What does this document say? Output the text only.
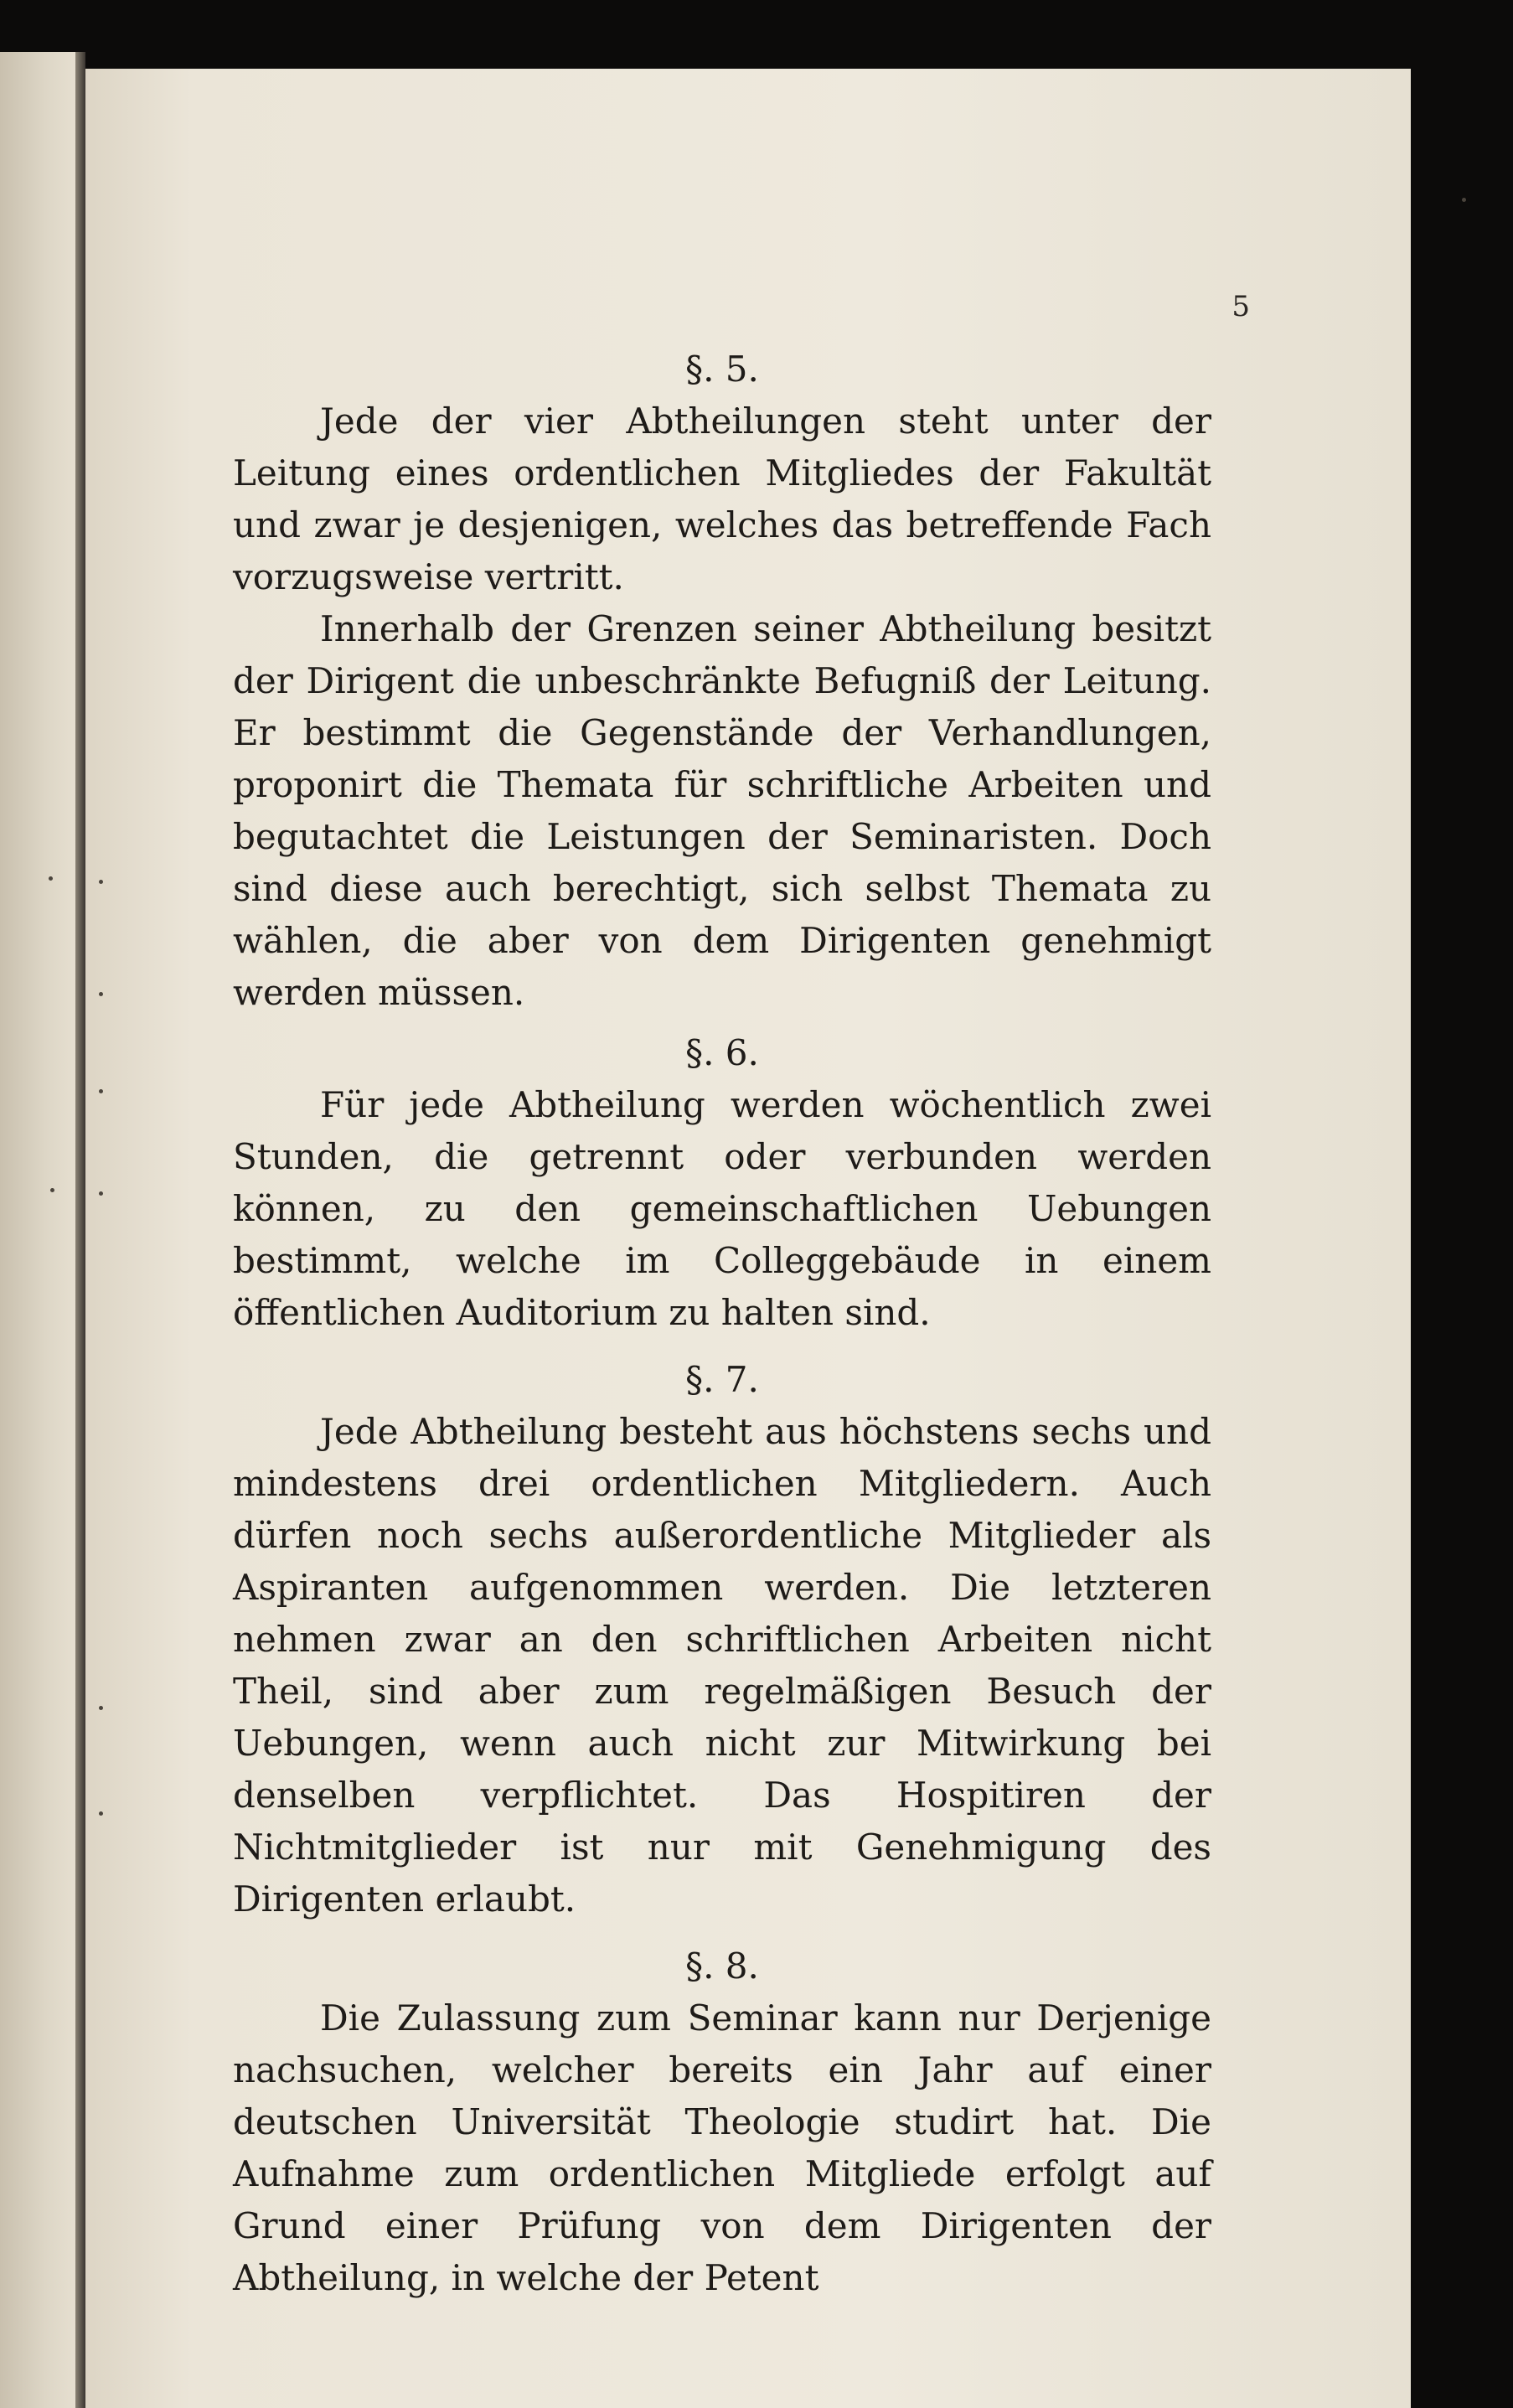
5

§. 5.

Jede der vier Abtheilungen steht unter der Leitung eines ordentlichen Mitgliedes der Fakultät und zwar je desjenigen, welches das betreffende Fach vorzugsweise vertritt.

Innerhalb der Grenzen seiner Abtheilung besitzt der Dirigent die unbeschränkte Befugniß der Leitung. Er bestimmt die Gegenstände der Verhandlungen, proponirt die Themata für schriftliche Arbeiten und begutachtet die Leistungen der Seminaristen. Doch sind diese auch berechtigt, sich selbst Themata zu wählen, die aber von dem Dirigenten genehmigt werden müssen.

§. 6.

Für jede Abtheilung werden wöchentlich zwei Stunden, die getrennt oder verbunden werden können, zu den gemeinschaftlichen Uebungen bestimmt, welche im Colleggebäude in einem öffentlichen Auditorium zu halten sind.

§. 7.

Jede Abtheilung besteht aus höchstens sechs und mindestens drei ordentlichen Mitgliedern. Auch dürfen noch sechs außerordentliche Mitglieder als Aspiranten aufgenommen werden. Die letzteren nehmen zwar an den schriftlichen Arbeiten nicht Theil, sind aber zum regelmäßigen Besuch der Uebungen, wenn auch nicht zur Mitwirkung bei denselben verpflichtet. Das Hospitiren der Nichtmitglieder ist nur mit Genehmigung des Dirigenten erlaubt.

§. 8.

Die Zulassung zum Seminar kann nur Derjenige nachsuchen, welcher bereits ein Jahr auf einer deutschen Universität Theologie studirt hat. Die Aufnahme zum ordentlichen Mitgliede erfolgt auf Grund einer Prüfung von dem Dirigenten der Abtheilung, in welche der Petent
